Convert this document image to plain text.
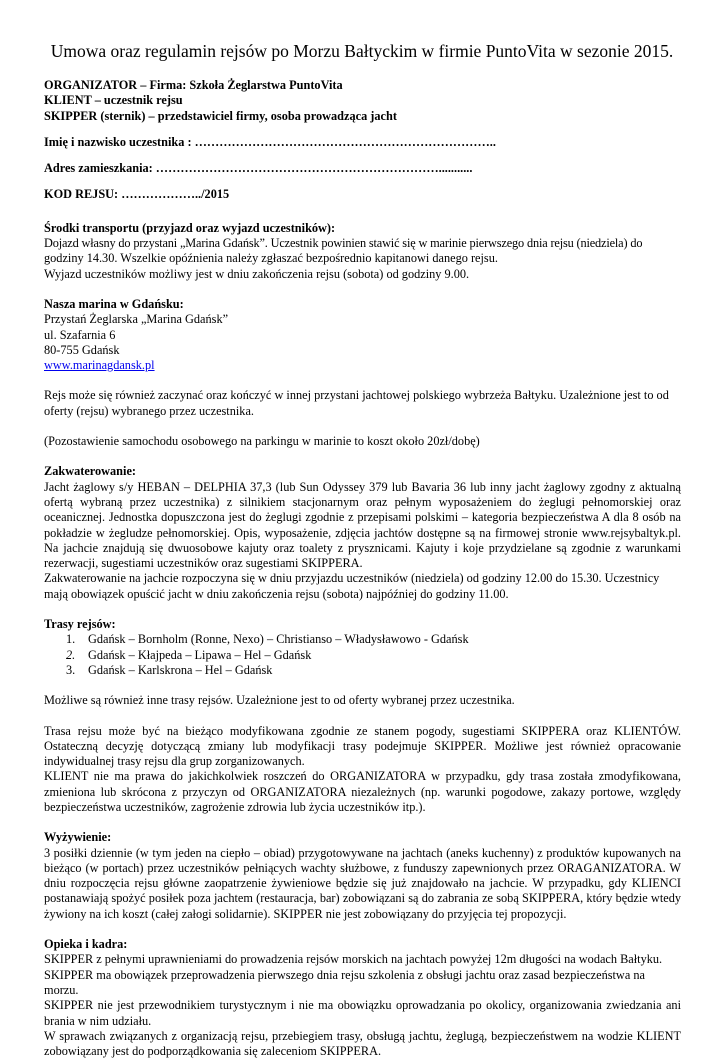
Umowa oraz regulamin rejsów po Morzu Bałtyckim w firmie PuntoVita w sezonie 2015.

ORGANIZATOR – Firma: Szkoła Żeglarstwa PuntoVita

KLIENT – uczestnik rejsu

SKIPPER (sternik) – przedstawiciel firmy, osoba prowadząca jacht

Imię i nazwisko uczestnika : ………………………………………………………………..

Adres zamieszkania: ……………………………………………………………...........

KOD REJSU: ………………../2015

Środki transportu (przyjazd oraz wyjazd uczestników):

Dojazd własny do przystani „Marina Gdańsk”. Uczestnik powinien stawić się w marinie pierwszego dnia rejsu (niedziela) do

godziny 14.30. Wszelkie opóźnienia należy zgłaszać bezpośrednio kapitanowi danego rejsu.

Wyjazd uczestników możliwy jest w dniu zakończenia rejsu (sobota) od godziny 9.00.

Nasza marina w Gdańsku:

Przystań Żeglarska „Marina Gdańsk”

ul. Szafarnia 6

80-755 Gdańsk

www.marinagdansk.pl

Rejs może się również zaczynać oraz kończyć w innej przystani jachtowej polskiego wybrzeża Bałtyku. Uzależnione jest to od oferty (rejsu) wybranego przez uczestnika.

(Pozostawienie samochodu osobowego na parkingu w marinie to koszt około 20zł/dobę)

Zakwaterowanie:

Jacht żaglowy s/y HEBAN – DELPHIA 37,3 (lub Sun Odyssey 379 lub Bavaria 36 lub inny jacht żaglowy zgodny z aktualną ofertą wybraną przez uczestnika) z silnikiem stacjonarnym oraz pełnym wyposażeniem do żeglugi pełnomorskiej oraz oceanicznej. Jednostka dopuszczona jest do żeglugi zgodnie z przepisami polskimi – kategoria bezpieczeństwa A dla 8 osób na pokładzie w żegludze pełnomorskiej. Opis, wyposażenie, zdjęcia jachtów dostępne są na firmowej stronie www.rejsybaltyk.pl. Na jachcie znajdują się dwuosobowe kajuty oraz toalety z prysznicami. Kajuty i koje przydzielane są zgodnie z warunkami rezerwacji, sugestiami uczestników oraz sugestiami SKIPPERA.

Zakwaterowanie na jachcie rozpoczyna się w dniu przyjazdu uczestników (niedziela) od godziny 12.00 do 15.30. Uczestnicy mają obowiązek opuścić jacht w dniu zakończenia rejsu (sobota) najpóźniej do godziny 11.00.

Trasy rejsów:

1. Gdańsk – Bornholm (Ronne, Nexo) – Christianso – Władysławowo - Gdańsk
2. Gdańsk – Kłajpeda – Lipawa – Hel – Gdańsk
3. Gdańsk – Karlskrona – Hel – Gdańsk

Możliwe są również inne trasy rejsów. Uzależnione jest to od oferty wybranej przez uczestnika.

Trasa rejsu może być na bieżąco modyfikowana zgodnie ze stanem pogody, sugestiami SKIPPERA oraz KLIENTÓW. Ostateczną decyzję dotyczącą zmiany lub modyfikacji trasy podejmuje SKIPPER. Możliwe jest również opracowanie indywidualnej trasy rejsu dla grup zorganizowanych.

KLIENT nie ma prawa do jakichkolwiek roszczeń do ORGANIZATORA w przypadku, gdy trasa została zmodyfikowana, zmieniona lub skrócona z przyczyn od ORGANIZATORA niezależnych (np. warunki pogodowe, zakazy portowe, względy bezpieczeństwa uczestników, zagrożenie zdrowia lub życia uczestników itp.).

Wyżywienie:

3 posiłki dziennie (w tym jeden na ciepło – obiad) przygotowywane na jachtach (aneks kuchenny) z produktów kupowanych na bieżąco (w portach) przez uczestników pełniących wachty służbowe, z funduszy zapewnionych przez ORAGANIZATORA. W dniu rozpoczęcia rejsu główne zaopatrzenie żywieniowe będzie się już znajdowało na jachcie. W przypadku, gdy KLIENCI postanawiają spożyć posiłek poza jachtem (restauracja, bar) zobowiązani są do zabrania ze sobą SKIPPERA, który będzie wtedy żywiony na ich koszt (całej załogi solidarnie). SKIPPER nie jest zobowiązany do przyjęcia tej propozycji.

Opieka i kadra:

SKIPPER z pełnymi uprawnieniami do prowadzenia rejsów morskich na jachtach powyżej 12m długości na wodach Bałtyku.

SKIPPER ma obowiązek przeprowadzenia pierwszego dnia rejsu szkolenia z obsługi jachtu oraz zasad bezpieczeństwa na morzu.

SKIPPER nie jest przewodnikiem turystycznym i nie ma obowiązku oprowadzania po okolicy, organizowania zwiedzania ani brania w nim udziału.

W sprawach związanych z organizacją rejsu, przebiegiem trasy, obsługą jachtu, żeglugą, bezpieczeństwem na wodzie KLIENT zobowiązany jest do podporządkowania się zaleceniom SKIPPERA.
